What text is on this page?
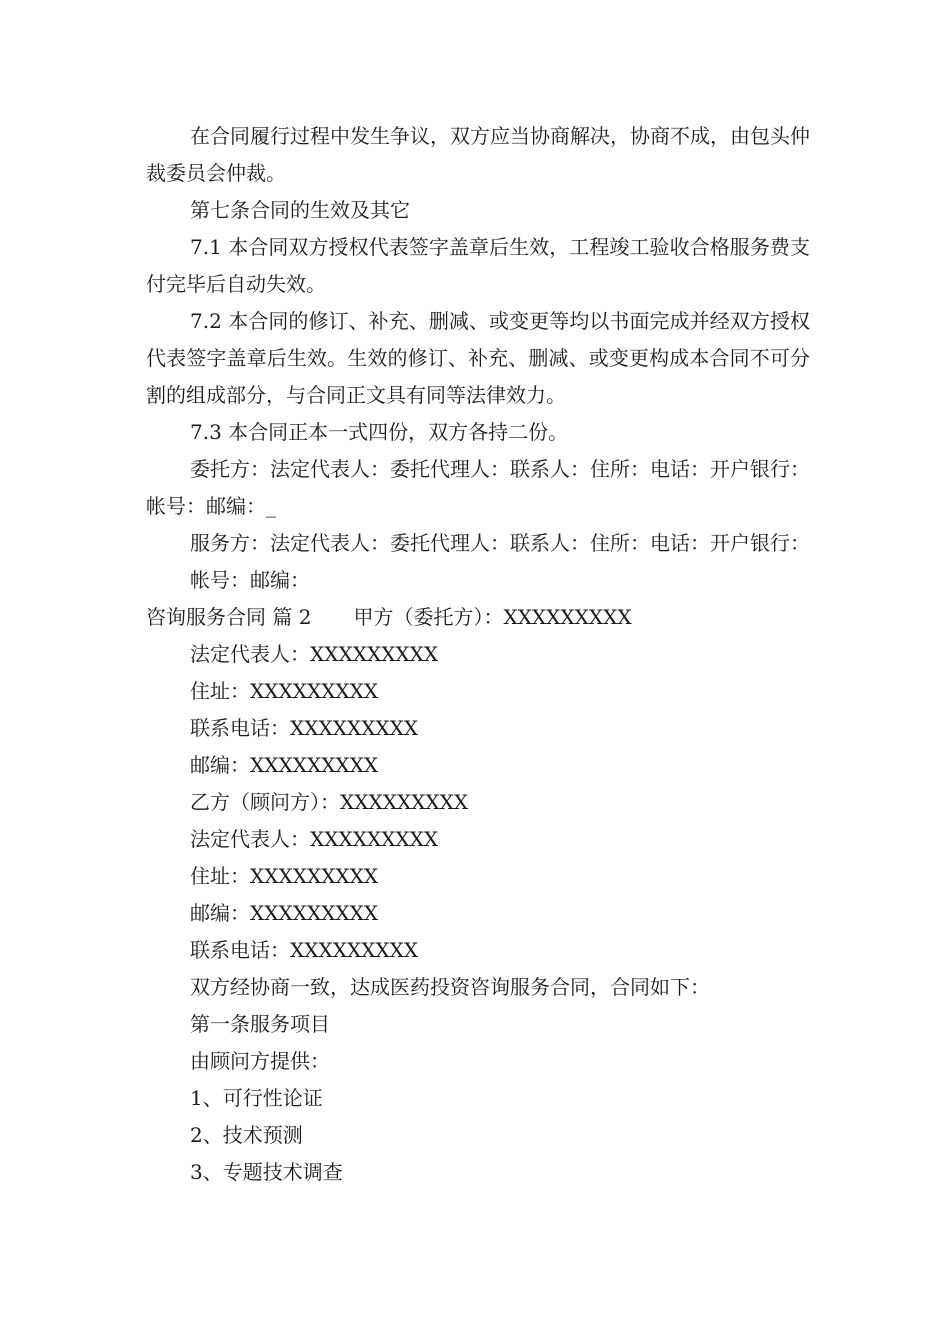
在合同履行过程中发生争议，双方应当协商解决，协商不成，由包头仲裁委员会仲裁。

第七条合同的生效及其它

7.1 本合同双方授权代表签字盖章后生效，工程竣工验收合格服务费支付完毕后自动失效。

7.2 本合同的修订、补充、删减、或变更等均以书面完成并经双方授权代表签字盖章后生效。生效的修订、补充、删减、或变更构成本合同不可分割的组成部分，与合同正文具有同等法律效力。

7.3 本合同正本一式四份，双方各持二份。

委托方：法定代表人：委托代理人：联系人：住所：电话：开户银行：帐号：邮编：_

服务方：法定代表人：委托代理人：联系人：住所：电话：开户银行：

帐号：邮编：

咨询服务合同 篇 2 甲方（委托方）：XXXXXXXXX

法定代表人：XXXXXXXXX

住址：XXXXXXXXX

联系电话：XXXXXXXXX

邮编：XXXXXXXXX

乙方（顾问方）：XXXXXXXXX

法定代表人：XXXXXXXXX

住址：XXXXXXXXX

邮编：XXXXXXXXX

联系电话：XXXXXXXXX

双方经协商一致，达成医药投资咨询服务合同，合同如下：

第一条服务项目

由顾问方提供：

1、可行性论证

2、技术预测

3、专题技术调查
